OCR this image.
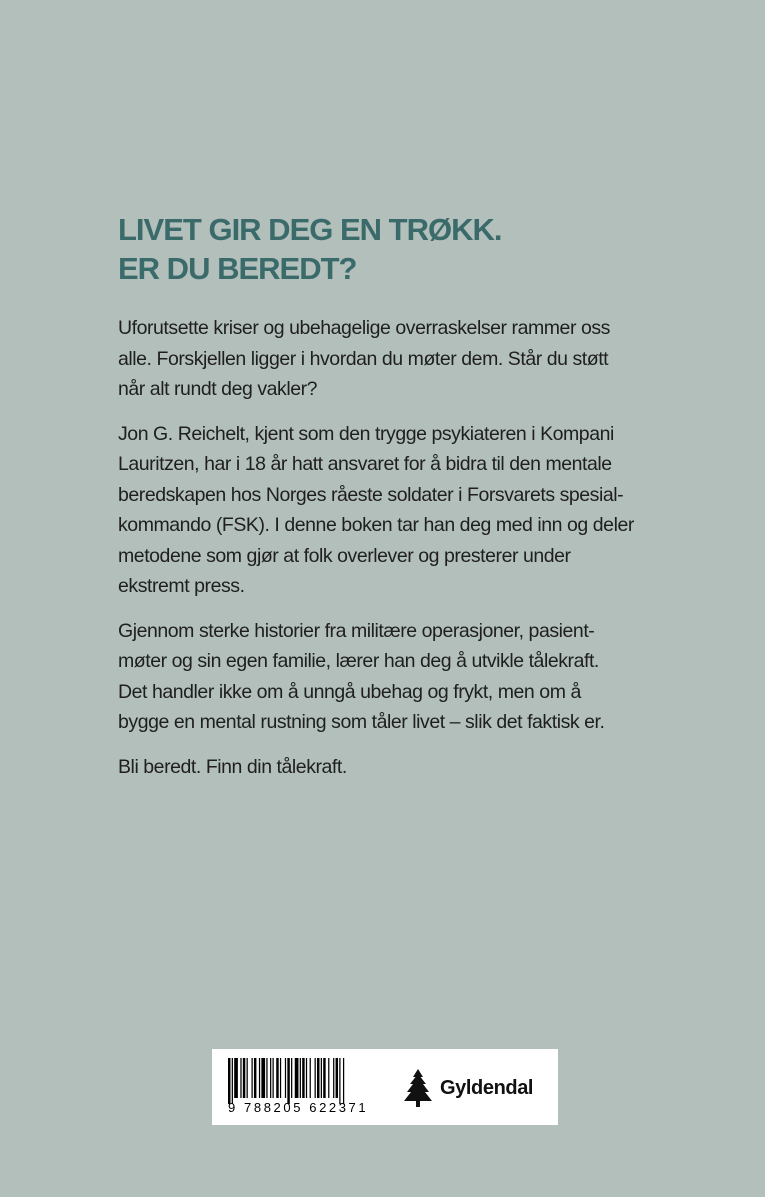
LIVET GIR DEG EN TRØKK.
ER DU BEREDT?

Uforutsette kriser og ubehagelige overraskelser rammer oss
alle. Forskjellen ligger i hvordan du møter dem. Står du støtt
når alt rundt deg vakler?

Jon G. Reichelt, kjent som den trygge psykiateren i Kompani
Lauritzen, har i 18 år hatt ansvaret for å bidra til den mentale
beredskapen hos Norges råeste soldater i Forsvarets spesial-
kommando (FSK). I denne boken tar han deg med inn og deler
metodene som gjør at folk overlever og presterer under
ekstremt press.

Gjennom sterke historier fra militære operasjoner, pasient-
møter og sin egen familie, lærer han deg å utvikle tålekraft.
Det handler ikke om å unngå ubehag og frykt, men om å
bygge en mental rustning som tåler livet – slik det faktisk er.

Bli beredt. Finn din tålekraft.

9 788205 622371
Gyldendal
